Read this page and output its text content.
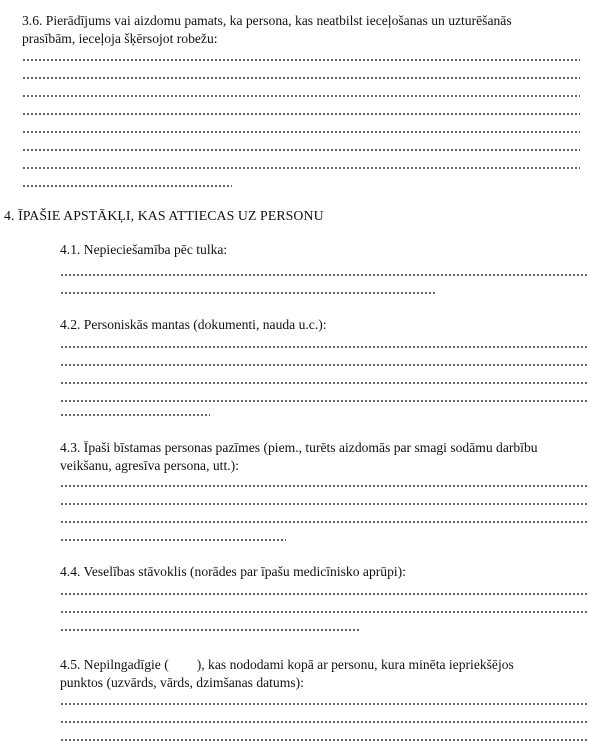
3.6. Pierādījums vai aizdomu pamats, ka persona, kas neatbilst ieceļošanas un uzturēšanās
prasībām, ieceļoja šķērsojot robežu:
4. ĪPAŠIE APSTĀKĻI, KAS ATTIECAS UZ PERSONU
4.1. Nepieciešamība pēc tulka:
4.2. Personiskās mantas (dokumenti, nauda u.c.):
4.3. Īpaši bīstamas personas pazīmes (piem., turēts aizdomās par smagi sodāmu darbību
veikšanu, agresīva persona, utt.):
4.4. Veselības stāvoklis (norādes par īpašu medicīnisko aprūpi):
4.5. Nepilngadīgie ( ), kas nododami kopā ar personu, kura minēta iepriekšējos
punktos (uzvārds, vārds, dzimšanas datums):
